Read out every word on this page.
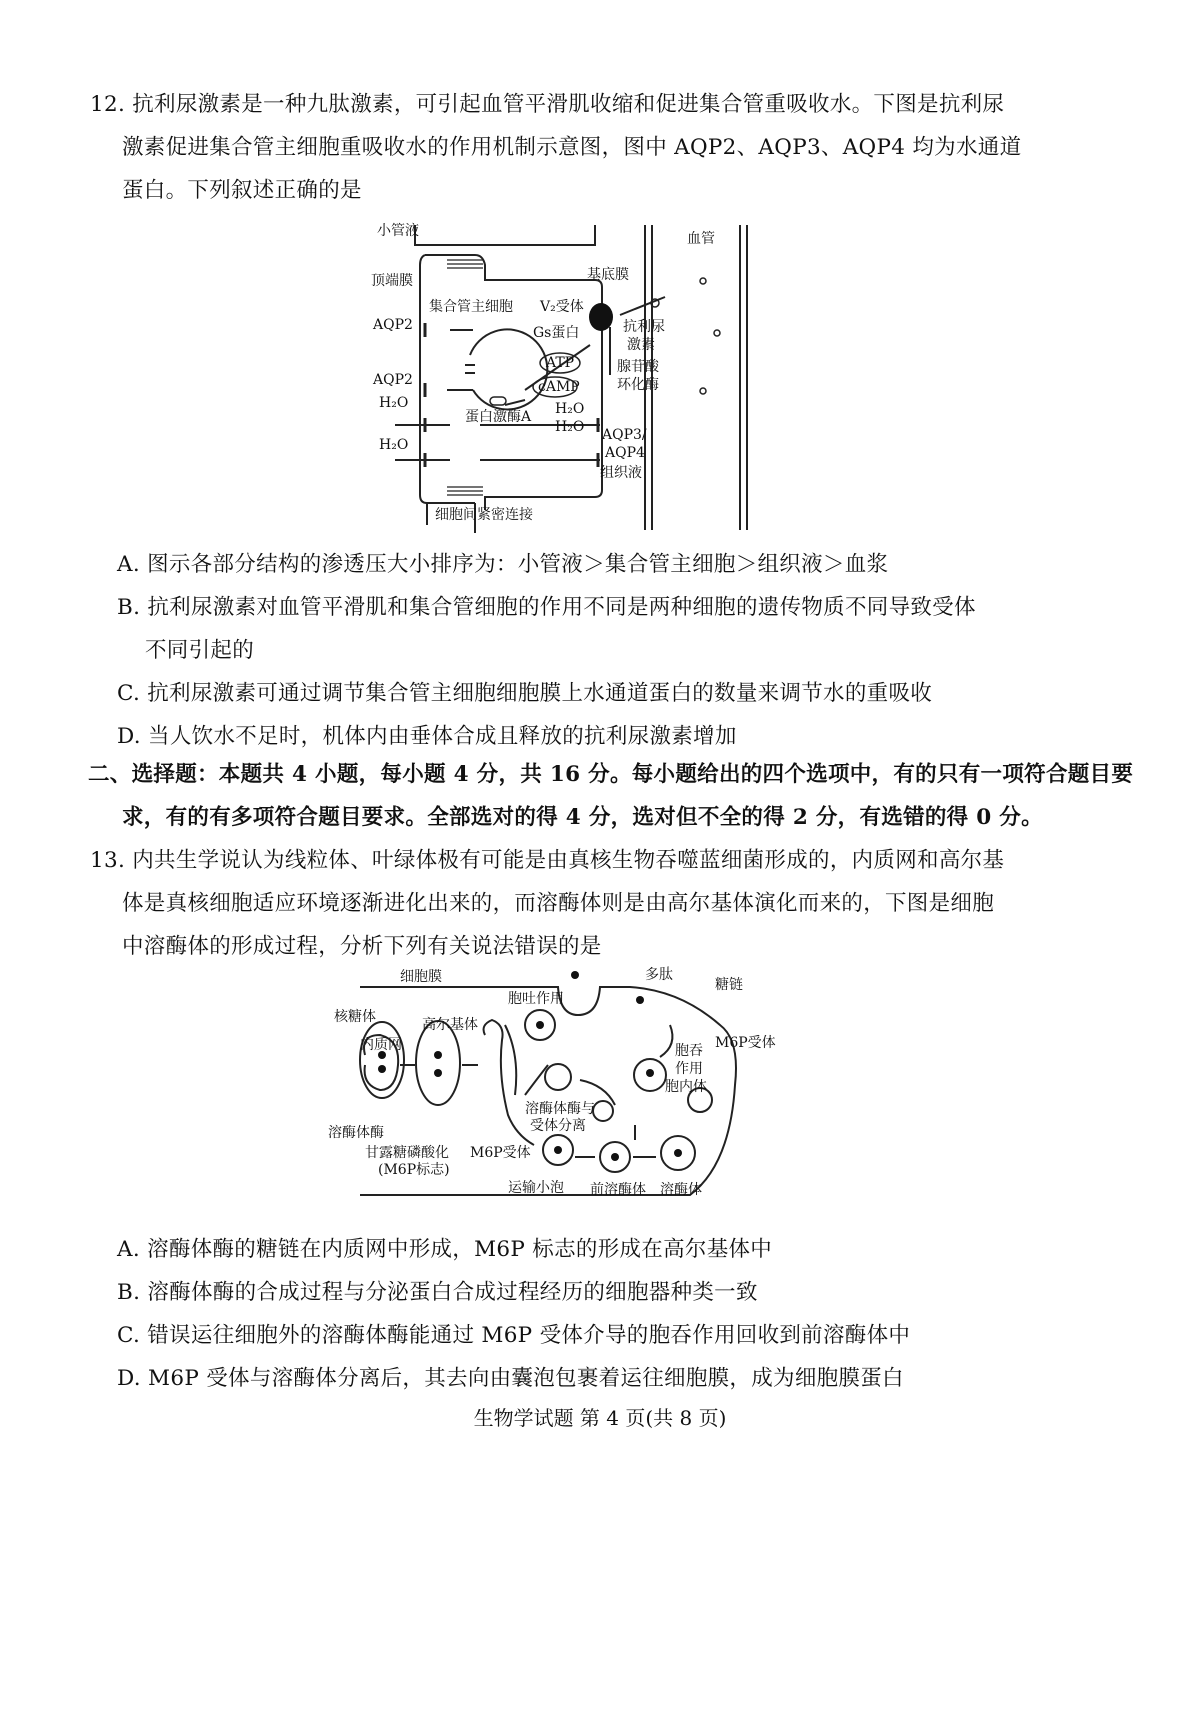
12. 抗利尿激素是一种九肽激素，可引起血管平滑肌收缩和促进集合管重吸收水。下图是抗利尿
激素促进集合管主细胞重吸收水的作用机制示意图，图中 AQP2、AQP3、AQP4 均为水通道
蛋白。下列叙述正确的是
小管液	血管
顶端膜	基底膜
集合管主细胞 V₂受体
AQP2	Gs蛋白	抗利尿
激素
ATP	腺苷酸
AQP2	cAMP	环化酶
H₂O
蛋白激酶A H₂O
H₂O
H₂O
AQP3/
AQP4
组织液
细胞间紧密连接
A. 图示各部分结构的渗透压大小排序为：小管液＞集合管主细胞＞组织液＞血浆
B. 抗利尿激素对血管平滑肌和集合管细胞的作用不同是两种细胞的遗传物质不同导致受体
不同引起的
C. 抗利尿激素可通过调节集合管主细胞细胞膜上水通道蛋白的数量来调节水的重吸收
D. 当人饮水不足时，机体内由垂体合成且释放的抗利尿激素增加
二、选择题：本题共 4 小题，每小题 4 分，共 16 分。每小题给出的四个选项中，有的只有一项符合题目要
求，有的有多项符合题目要求。全部选对的得 4 分，选对但不全的得 2 分，有选错的得 0 分。
13. 内共生学说认为线粒体、叶绿体极有可能是由真核生物吞噬蓝细菌形成的，内质网和高尔基
体是真核细胞适应环境逐渐进化出来的，而溶酶体则是由高尔基体演化而来的，下图是细胞
中溶酶体的形成过程，分析下列有关说法错误的是
细胞膜	多肽
糖链
核糖体
胞吐作用
高尔基体
内质网	M6P受体
胞吞
作用
胞内体
溶酶体酶
溶酶体酶与
受体分离
甘露糖磷酸化
(M6P标志)
M6P受体
运输小泡 前溶酶体 溶酶体
A. 溶酶体酶的糖链在内质网中形成，M6P 标志的形成在高尔基体中
B. 溶酶体酶的合成过程与分泌蛋白合成过程经历的细胞器种类一致
C. 错误运往细胞外的溶酶体酶能通过 M6P 受体介导的胞吞作用回收到前溶酶体中
D. M6P 受体与溶酶体分离后，其去向由囊泡包裹着运往细胞膜，成为细胞膜蛋白
生物学试题 第 4 页(共 8 页)
